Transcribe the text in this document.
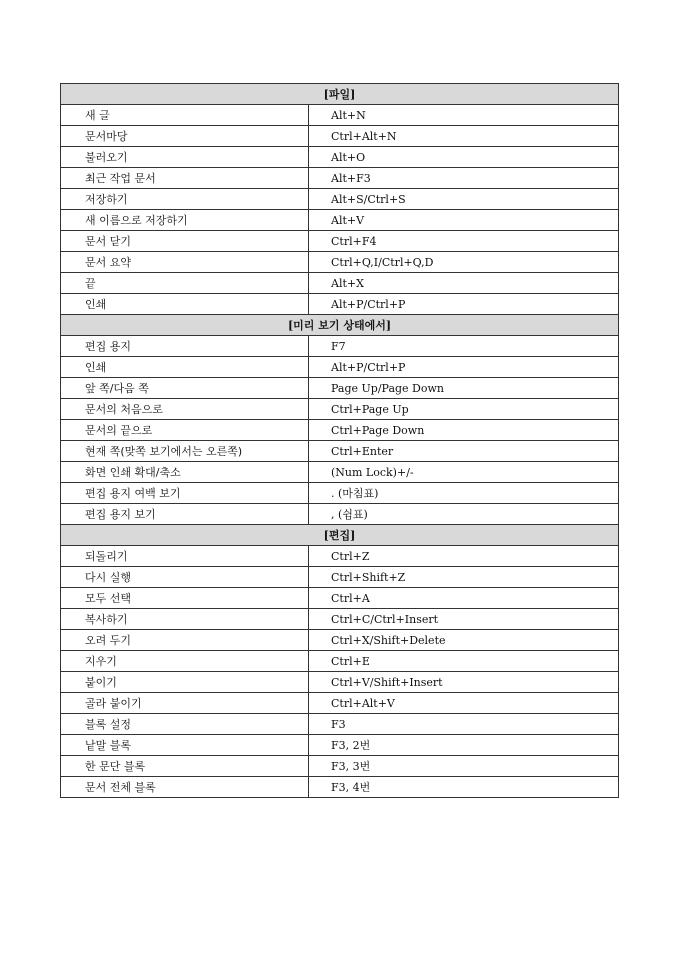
[파일]	
새 글	Alt+N
문서마당	Ctrl+Alt+N
불러오기	Alt+O
최근 작업 문서	Alt+F3
저장하기	Alt+S/Ctrl+S
새 이름으로 저장하기	Alt+V
문서 닫기	Ctrl+F4
문서 요약	Ctrl+Q,I/Ctrl+Q,D
끝	Alt+X
인쇄	Alt+P/Ctrl+P
[미리 보기 상태에서]	
편집 용지	F7
인쇄	Alt+P/Ctrl+P
앞 쪽/다음 쪽	Page Up/Page Down
문서의 처음으로	Ctrl+Page Up
문서의 끝으로	Ctrl+Page Down
현재 쪽(맞쪽 보기에서는 오른쪽)	Ctrl+Enter
화면 인쇄 확대/축소	(Num Lock)+/-
편집 용지 여백 보기	. (마침표)
편집 용지 보기	, (쉼표)
[편집]	
되돌리기	Ctrl+Z
다시 실행	Ctrl+Shift+Z
모두 선택	Ctrl+A
복사하기	Ctrl+C/Ctrl+Insert
오려 두기	Ctrl+X/Shift+Delete
지우기	Ctrl+E
붙이기	Ctrl+V/Shift+Insert
골라 붙이기	Ctrl+Alt+V
블록 설정	F3
낱말 블록	F3, 2번
한 문단 블록	F3, 3번
문서 전체 블록	F3, 4번
